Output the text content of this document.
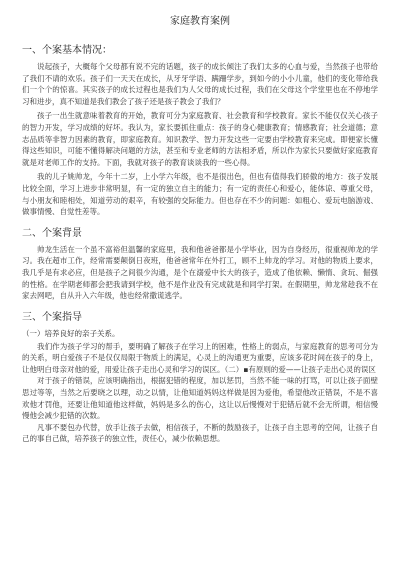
家庭教育案例
一、个案基本情况：

说起孩子，大概每个父母都有说不完的话题，孩子的成长倾注了我们太多的心血与爱，当然孩子也带给了我们不请的欢乐。孩子们一天天在成长，从牙牙学语、蹒跚学步，到如今的小小儿童，他们的变化带给我们一个个的惊喜。其实孩子的成长过程也是我们为人父母的成长过程，我们在父母这个学堂里也在不停地学习和进步，真不知道是我们教会了孩子还是孩子教会了我们？

孩子一出生就意味着教育的开始，教育可分为家庭教育、社会教育和学校教育。家长不能仅仅关心孩子的智力开发，学习成绩的好坏。我认为，家长要抓住重点：孩子的身心健康教育；情感教育；社会道德；意志品质等非智力因素的教育，即家庭教育。知识教学、智力开发这些一定要由学校教育来完成。即便家长懂得这些知识，可能不懂得解决问题的方法，甚至和专业老师的方法相矛盾，所以作为家长只要做好家庭教育就是对老师工作的支持。下面，我就对孩子的教育谈谈我的一些心得。

我的儿子姚帅龙，今年十二岁，上小学六年级，也不是很出色，但也有值得我们骄傲的地方：孩子发展比较全面，学习上进步非常明显，有一定的独立自主的能力；有一定的责任心和爱心，能体谅、尊重父母，与小朋友和睦相处，知道劳动的艰辛，有较强的交际能力。但也存在不少的问题：如粗心、爱玩电脑游戏、做事情慢、自觉性差等。

二、个案背景

帅龙生活在一个虽不富裕但温馨的家庭里，我和他爸爸都是小学毕业，因为自身经历，很重视帅龙的学习。我在超市工作，经常需要颠倒日夜班，他爸爸常年在外打工，顾不上帅龙的学习。对他的物质上要求，我几乎是有求必应，但是孩子之间很少沟通，是个在溺爱中长大的孩子，造成了他依赖、懒惰、贪玩、倔强的性格。在学期老师都会把我请到学校，他不是作业没有完成就是和同学打架。在假期里，帅龙常趁我不在家去网吧，自从升入六年级，他也经常撒谎逃学。

三、个案指导
（一）培养良好的亲子关系。

我们作为孩子学习的帮手，要明确了解孩子在学习上的困难，性格上的弱点，与家庭教育的思考可分为的关系，明白爱孩子不是仅仅局限于物质上的满足，心灵上的沟通更为重要，应该多花时间在孩子的身上，让他明白母亲对他的爱，用爱让孩子走出心灵和学习的误区。（二）▪有原则的爱——让孩子走出心灵的误区

对于孩子的错误，应该明确指出，根据犯错的程度，加以惩罚，当然不能一味的打骂，可以让孩子面壁思过等等，当然之后要晓之以理，动之以情，让他知道妈妈这样做是因为爱他，希望他改正错误，不是不喜欢他才罚他，还要让他知道他这样做，妈妈是多么的伤心，这让以后慢慢对于犯错后就不会无所谓，相信慢慢他会减少犯错的次数。

凡事不要包办代替，放手让孩子去做，相信孩子，不断的鼓励孩子，让孩子自主思考的空间，让孩子自己的事自己做，培养孩子的独立性，责任心，减少依赖思想。
